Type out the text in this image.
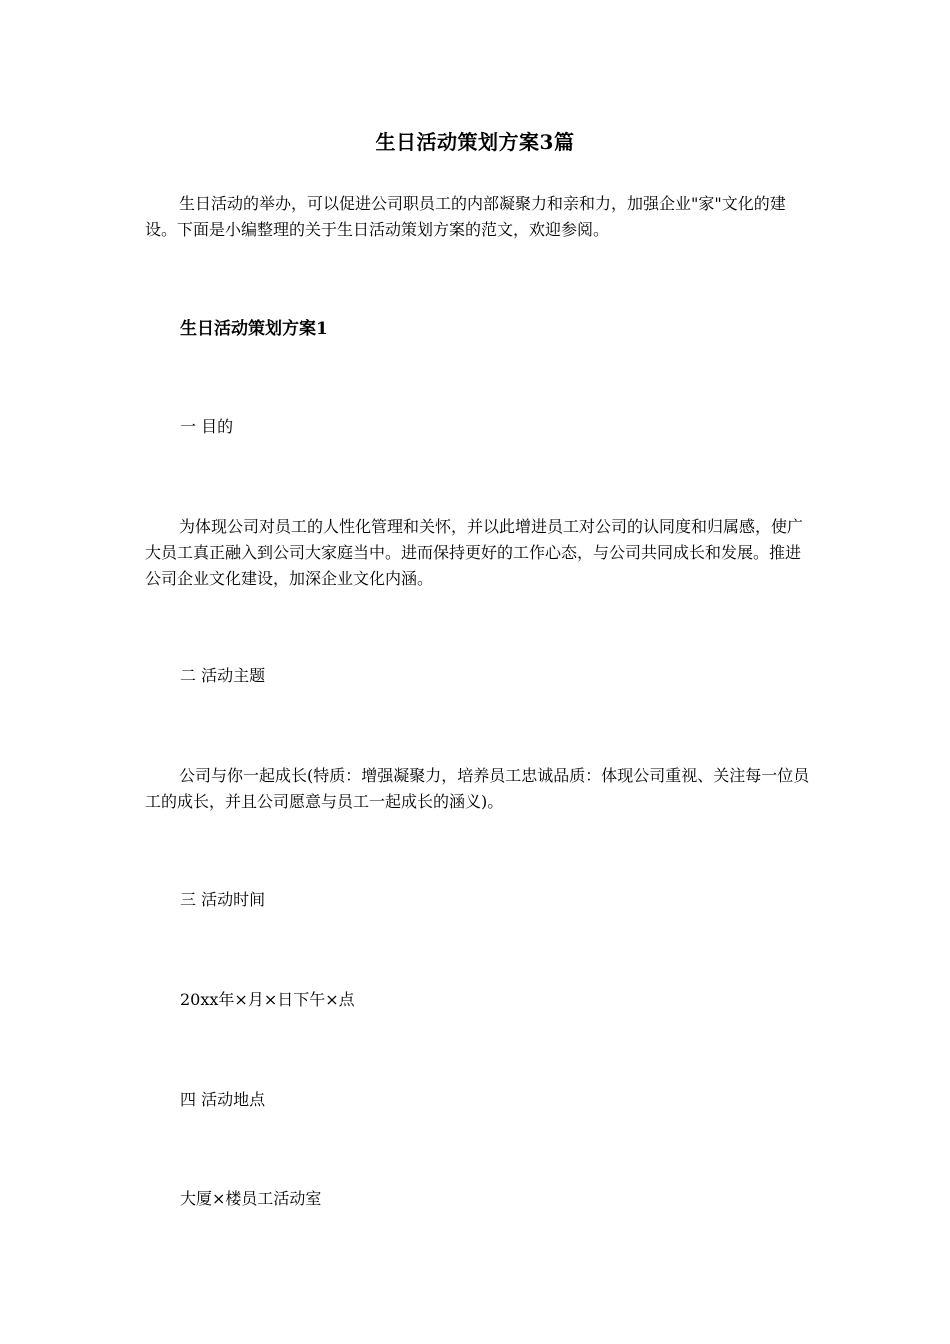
生日活动策划方案3篇

生日活动的举办，可以促进公司职员工的内部凝聚力和亲和力，加强企业"家"文化的建设。下面是小编整理的关于生日活动策划方案的范文，欢迎参阅。

生日活动策划方案1

一 目的

为体现公司对员工的人性化管理和关怀，并以此增进员工对公司的认同度和归属感，使广大员工真正融入到公司大家庭当中。进而保持更好的工作心态，与公司共同成长和发展。推进公司企业文化建设，加深企业文化内涵。

二 活动主题

公司与你一起成长(特质：增强凝聚力，培养员工忠诚品质：体现公司重视、关注每一位员工的成长，并且公司愿意与员工一起成长的涵义)。

三 活动时间

20xx年×月×日下午×点

四 活动地点

大厦×楼员工活动室
